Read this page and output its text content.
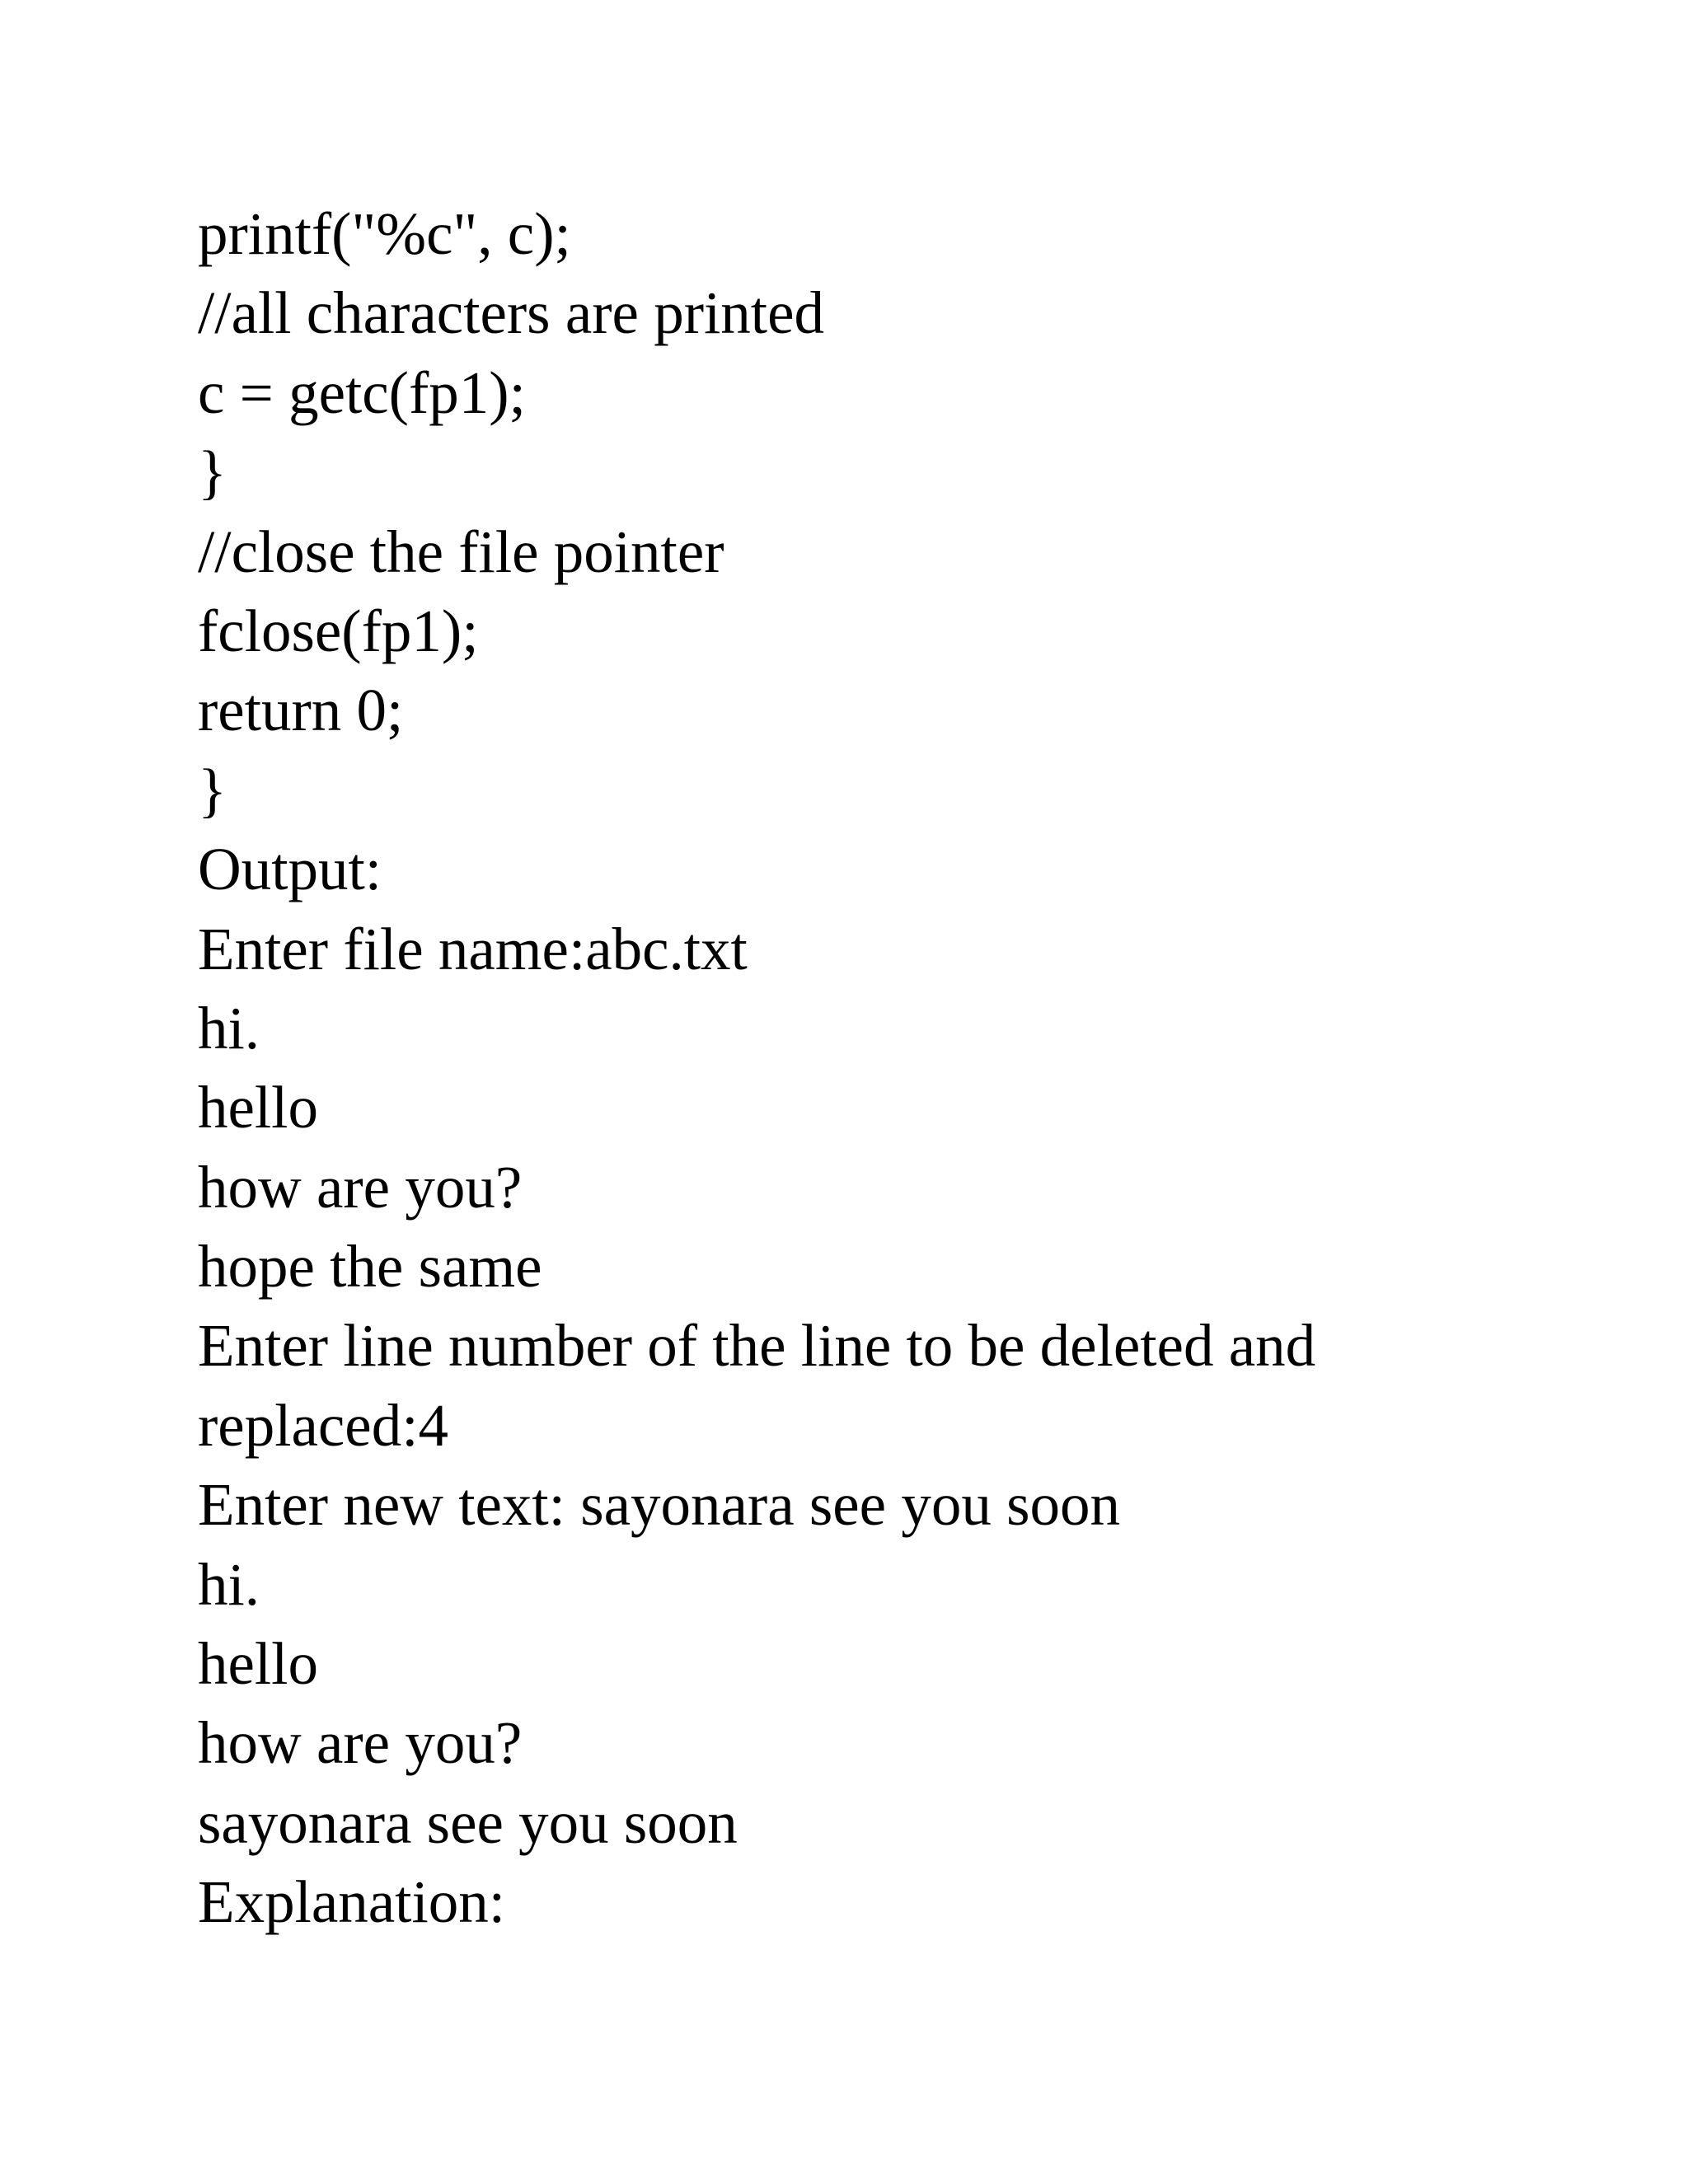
printf("%c", c);

//all characters are printed

c = getc(fp1);

}

//close the file pointer

fclose(fp1);

return 0;

}

Output:

Enter file name:abc.txt

hi.

hello

how are you?

hope the same

Enter line number of the line to be deleted and

replaced:4

Enter new text: sayonara see you soon

hi.

hello

how are you?

sayonara see you soon

Explanation:
